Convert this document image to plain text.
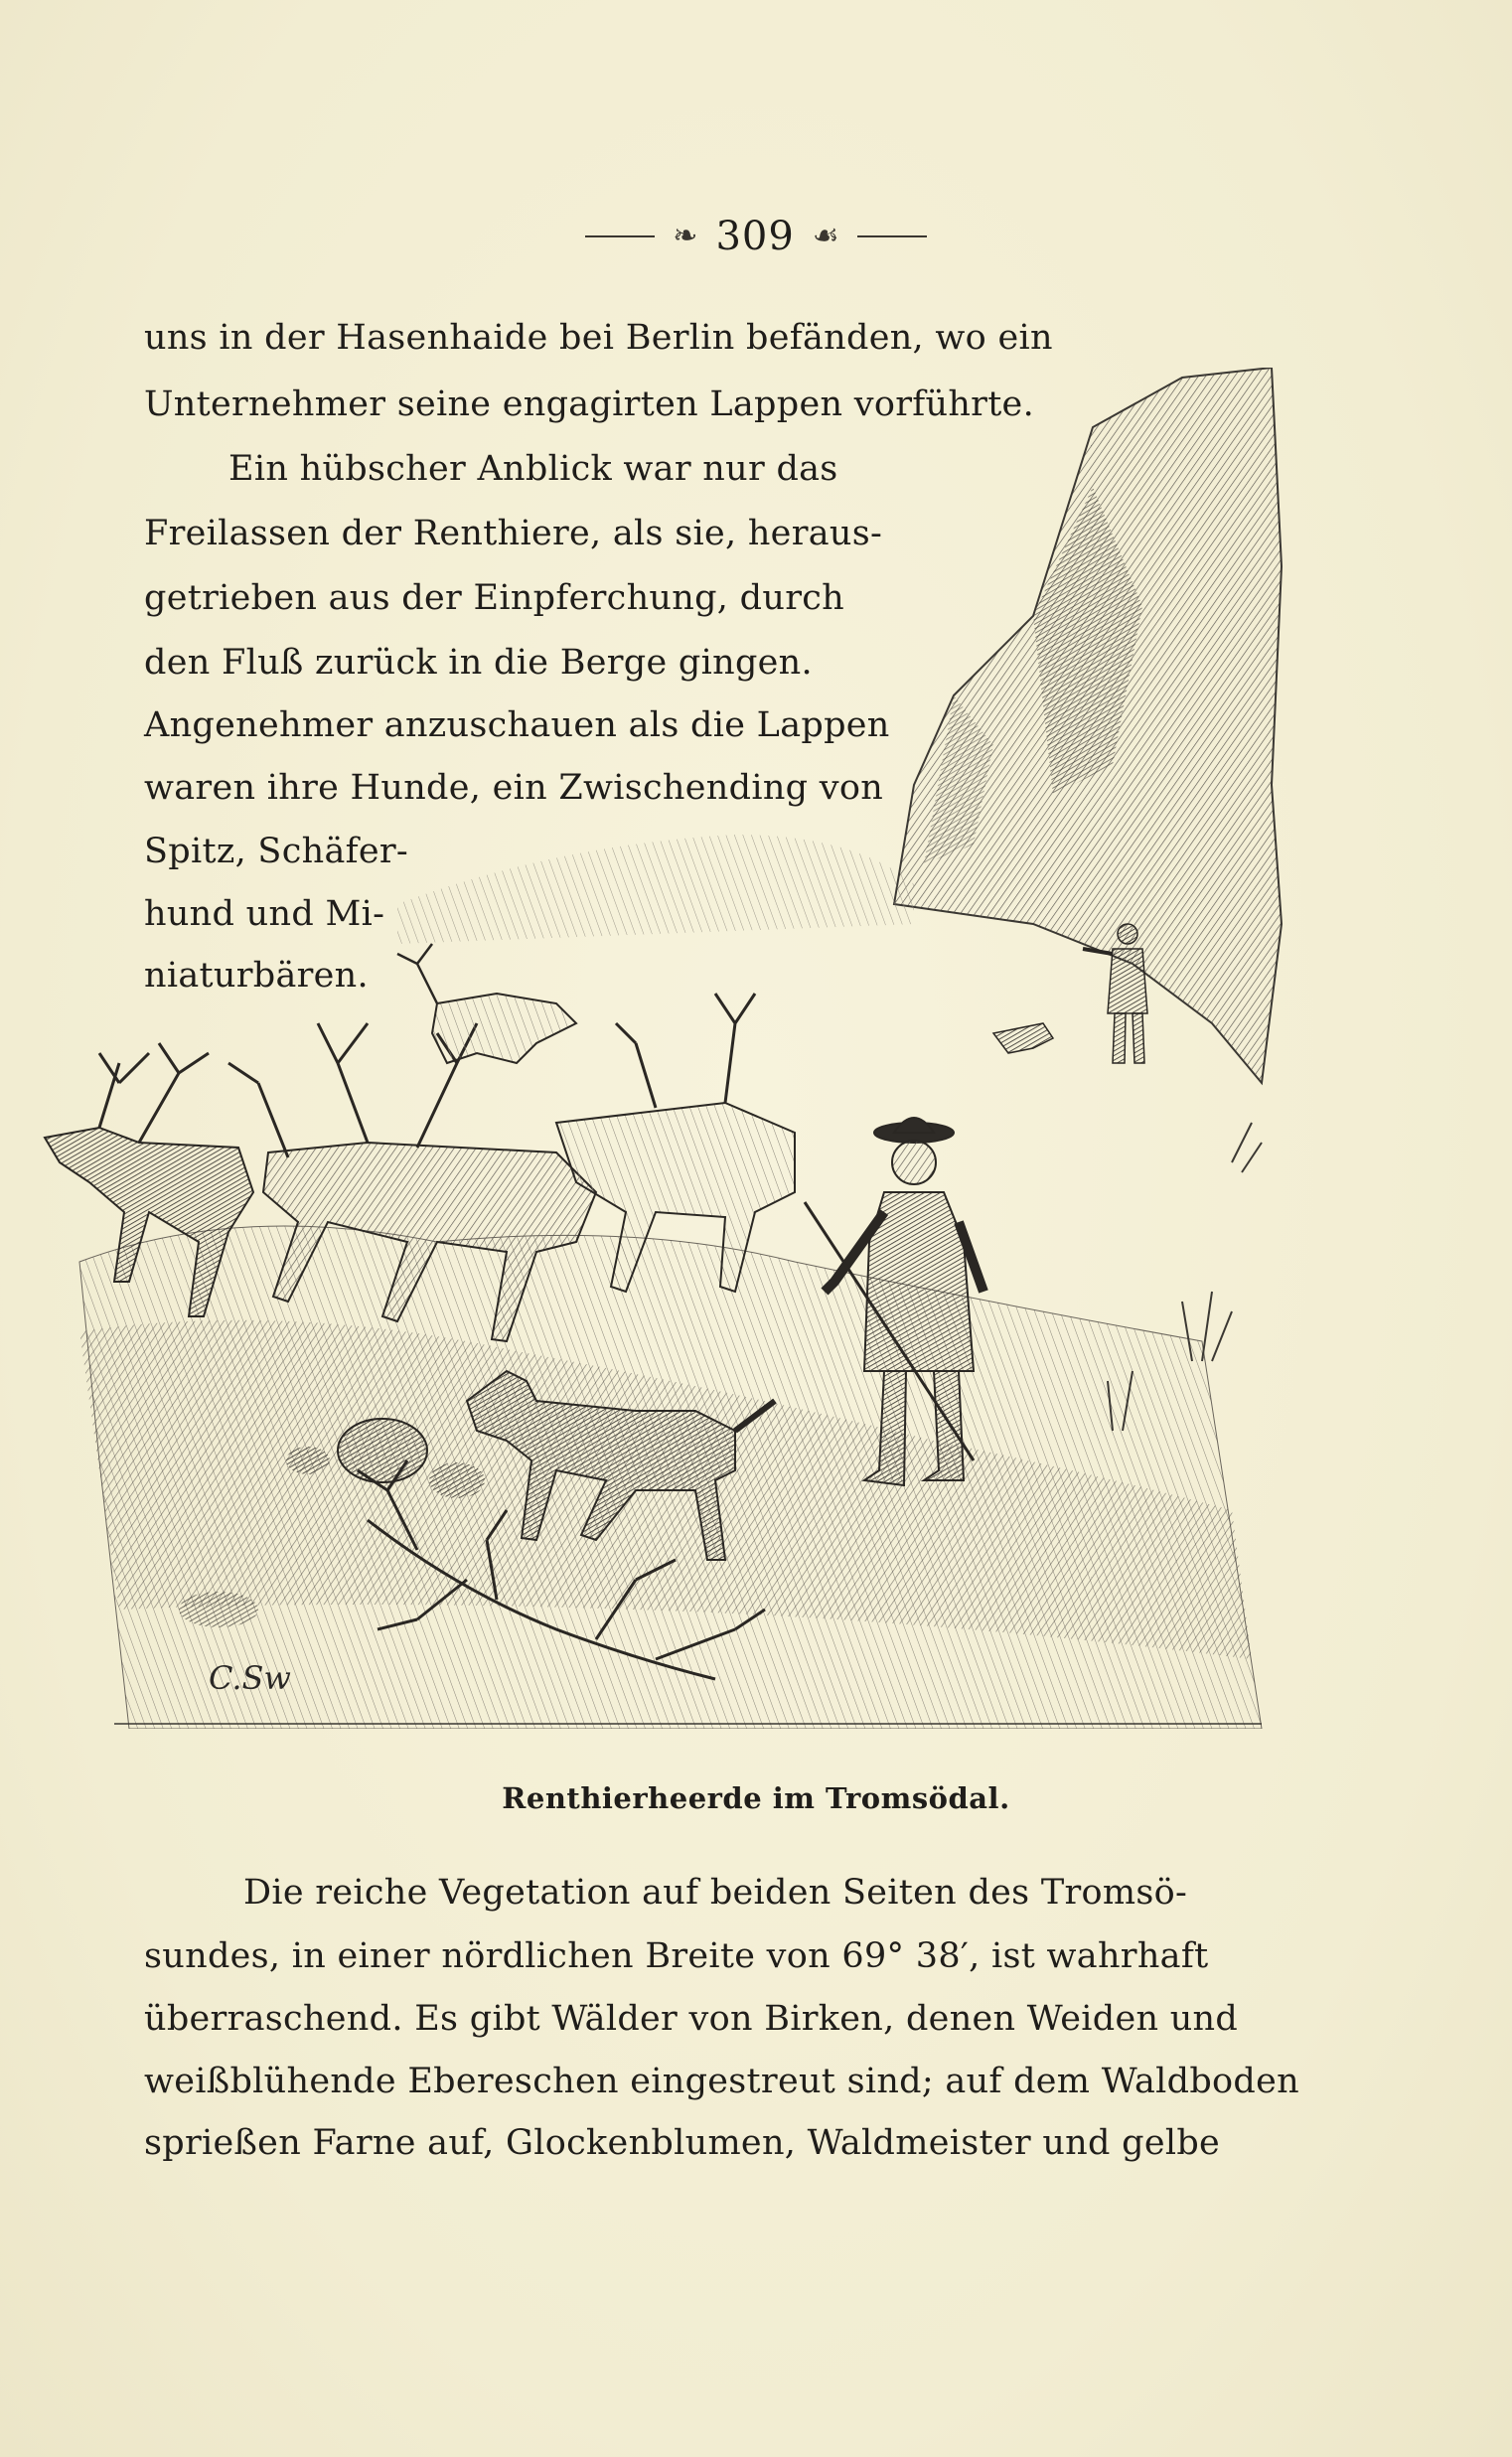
❧ 309 ☙
uns in der Hasenhaide bei Berlin befänden, wo ein
Unternehmer seine engagirten Lappen vorführte.
Ein hübscher Anblick war nur das
Freilassen der Renthiere, als sie, heraus-
getrieben aus der Einpferchung, durch
den Fluß zurück in die Berge gingen.
Angenehmer anzuschauen als die Lappen
waren ihre Hunde, ein Zwischending von
Spitz, Schäfer-
hund und Mi-
niaturbären.
C.Sw
Renthierheerde im Tromsödal.
Die reiche Vegetation auf beiden Seiten des Tromsö-
sundes, in einer nördlichen Breite von 69° 38′, ist wahrhaft
überraschend. Es gibt Wälder von Birken, denen Weiden und
weißblühende Ebereschen eingestreut sind; auf dem Waldboden
sprießen Farne auf, Glockenblumen, Waldmeister und gelbe
